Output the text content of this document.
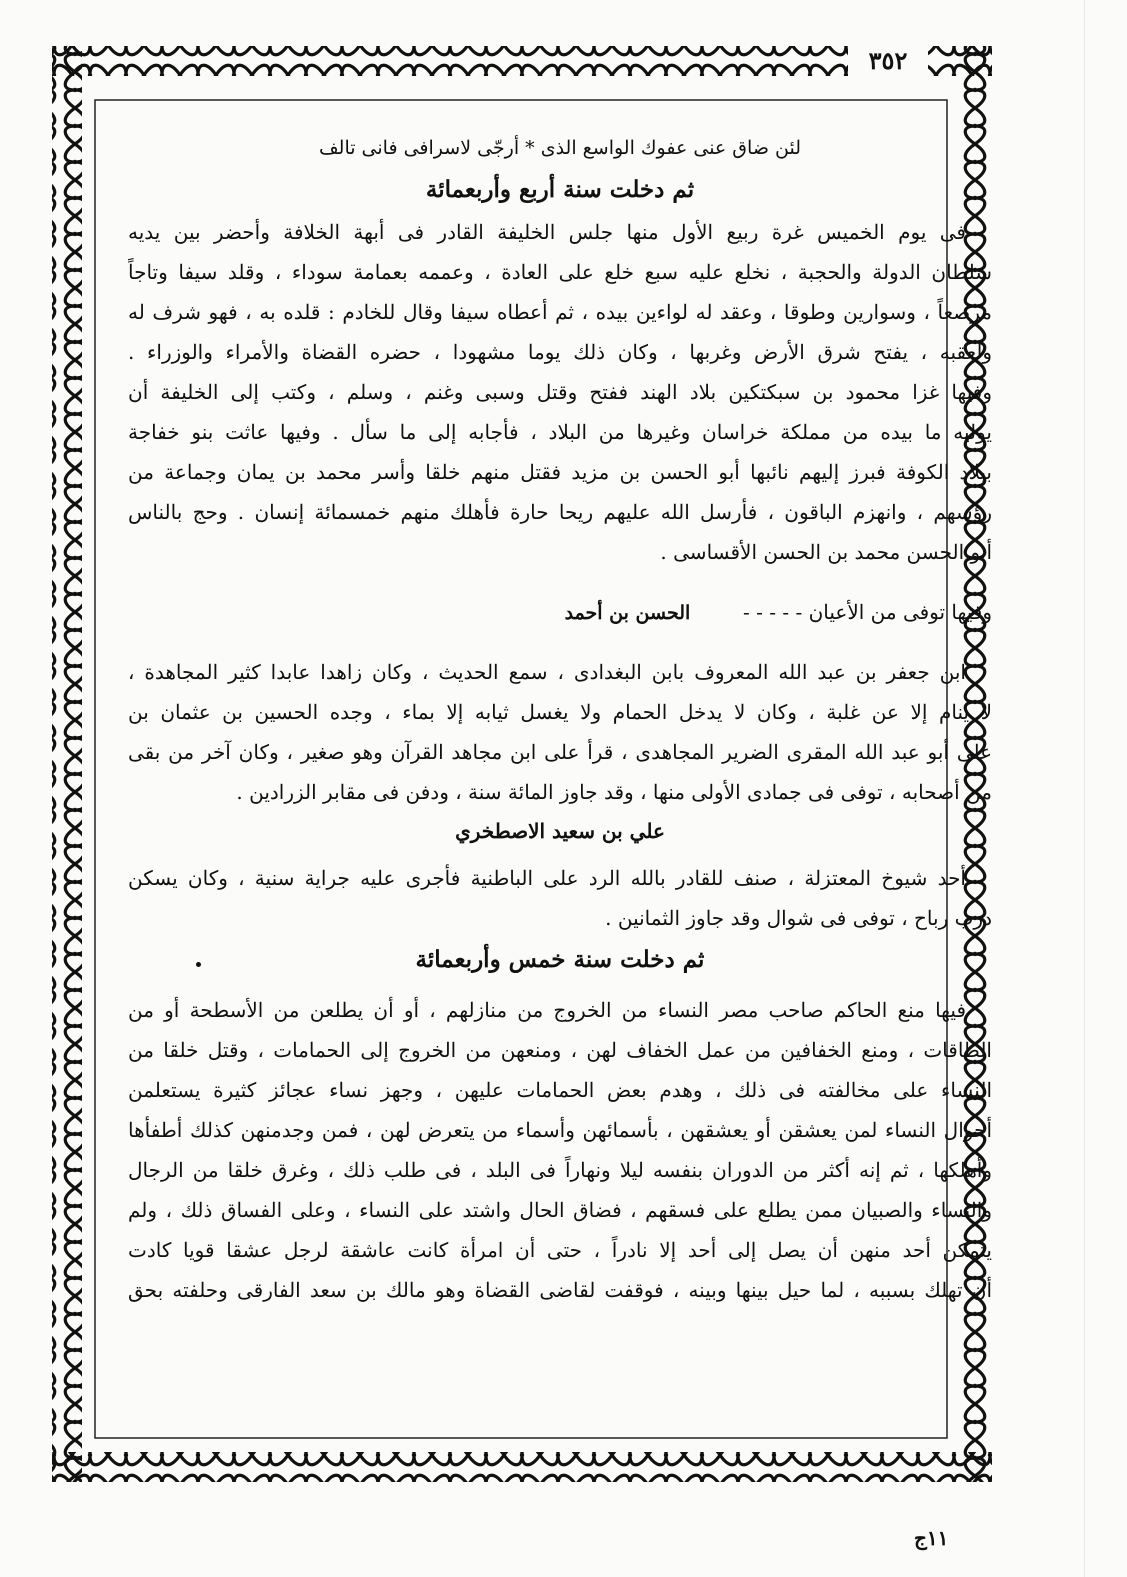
٣٥٢

لئن ضاق عنى عفوك الواسع الذى * أرجّى لاسرافى فانى تالف

ثم دخلت سنة أربع وأربعمائة

فى يوم الخميس غرة ربيع الأول منها جلس الخليفة القادر فى أبهة الخلافة وأحضر بين يديه

سلطان الدولة والحجبة ، نخلع عليه سبع خلع على العادة ، وعممه بعمامة سوداء ، وقلد سيفا وتاجاً

مرصعاً ، وسوارين وطوقا ، وعقد له لواءين بيده ، ثم أعطاه سيفا وقال للخادم : قلده به ، فهو شرف له

ولعقبه ، يفتح شرق الأرض وغربها ، وكان ذلك يوما مشهودا ، حضره القضاة والأمراء والوزراء .

وفيها غزا محمود بن سبكتكين بلاد الهند ففتح وقتل وسبى وغنم ، وسلم ، وكتب إلى الخليفة أن

يوليه ما بيده من مملكة خراسان وغيرها من البلاد ، فأجابه إلى ما سأل . وفيها عاثت بنو خفاجة

ببلاد الكوفة فبرز إليهم نائبها أبو الحسن بن مزيد فقتل منهم خلقا وأسر محمد بن يمان وجماعة من

رؤسهم ، وانهزم الباقون ، فأرسل الله عليهم ريحا حارة فأهلك منهم خمسمائة إنسان . وحج بالناس

أبو الحسن محمد بن الحسن الأقساسى .

وفيها توفى من الأعيان - - - - -  الحسن بن أحمد

ابن جعفر بن عبد الله المعروف بابن البغدادى ، سمع الحديث ، وكان زاهدا عابدا كثير المجاهدة ،

لا ينام إلا عن غلبة ، وكان لا يدخل الحمام ولا يغسل ثيابه إلا بماء ، وجده الحسين بن عثمان بن

على أبو عبد الله المقرى الضرير المجاهدى ، قرأ على ابن مجاهد القرآن وهو صغير ، وكان آخر من بقى

من أصحابه ، توفى فى جمادى الأولى منها ، وقد جاوز المائة سنة ، ودفن فى مقابر الزرادين .

علي بن سعيد الاصطخري

أحد شيوخ المعتزلة ، صنف للقادر بالله الرد على الباطنية فأجرى عليه جراية سنية ، وكان يسكن

درب رباح ، توفى فى شوال وقد جاوز الثمانين .

ثم دخلت سنة خمس وأربعمائة

فيها منع الحاكم صاحب مصر النساء من الخروج من منازلهم ، أو أن يطلعن من الأسطحة أو من

الطاقات ، ومنع الخفافين من عمل الخفاف لهن ، ومنعهن من الخروج إلى الحمامات ، وقتل خلقا من

النساء على مخالفته فى ذلك ، وهدم بعض الحمامات عليهن ، وجهز نساء عجائز كثيرة يستعلمن

أحوال النساء لمن يعشقن أو يعشقهن ، بأسمائهن وأسماء من يتعرض لهن ، فمن وجدمنهن كذلك أطفأها

وأهلكها ، ثم إنه أكثر من الدوران بنفسه ليلا ونهاراً فى البلد ، فى طلب ذلك ، وغرق خلقا من الرجال

والنساء والصبيان ممن يطلع على فسقهم ، فضاق الحال واشتد على النساء ، وعلى الفساق ذلك ، ولم

يتمكن أحد منهن أن يصل إلى أحد إلا نادراً ، حتى أن امرأة كانت عاشقة لرجل عشقا قويا كادت

أن تهلك بسببه ، لما حيل بينها وبينه ، فوقفت لقاضى القضاة وهو مالك بن سعد الفارقى وحلفته بحق

١١ج
